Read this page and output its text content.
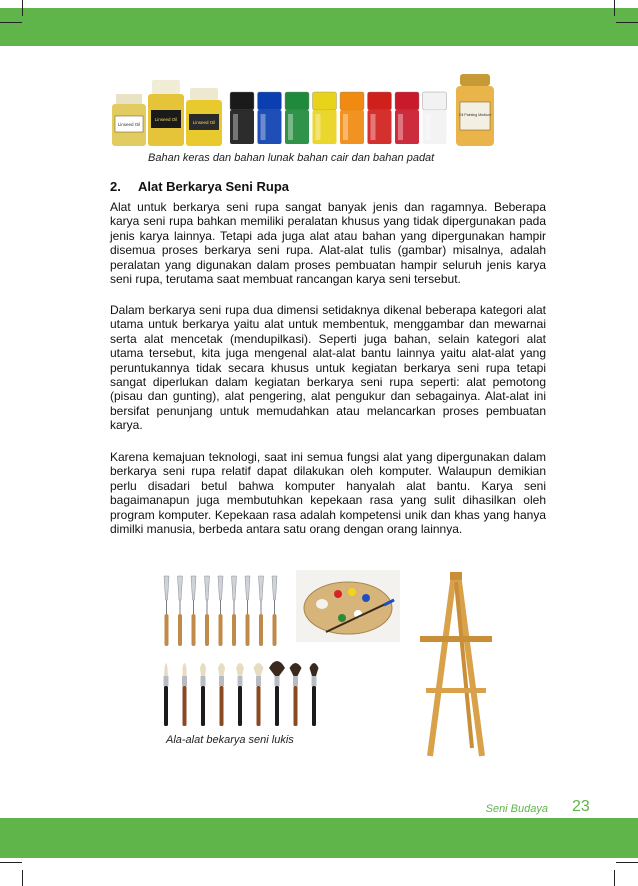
Linseed Oil
Linseed Oil
Linseed Oil
Oil Painting Medium
Bahan keras dan bahan lunak bahan cair dan bahan padat
2. Alat Berkarya Seni Rupa

Alat untuk berkarya seni rupa sangat banyak jenis dan ragamnya. Beberapa karya seni rupa bahkan memiliki peralatan khusus yang tidak dipergunakan pada jenis karya lainnya. Tetapi ada juga alat atau bahan yang dipergunakan hampir disemua proses berkarya seni rupa. Alat-alat tulis (gambar) misalnya, adalah peralatan yang digunakan dalam proses pembuatan hampir seluruh jenis karya seni rupa, terutama saat membuat rancangan karya seni tersebut.

Dalam berkarya seni rupa dua dimensi setidaknya dikenal beberapa kategori alat utama untuk berkarya yaitu alat untuk membentuk, menggambar dan mewarnai serta alat mencetak (mendupilkasi). Seperti juga bahan, selain kategori alat utama tersebut, kita juga mengenal alat-alat bantu lainnya yaitu alat-alat yang peruntukannya tidak secara khusus untuk kegiatan berkarya seni rupa tetapi sangat diperlukan dalam kegiatan berkarya seni rupa seperti: alat pemotong (pisau dan gunting), alat pengering, alat pengukur dan sebagainya. Alat-alat ini bersifat penunjang untuk memudahkan atau melancarkan proses pembuatan karya.

Karena kemajuan teknologi, saat ini semua fungsi alat yang dipergunakan dalam berkarya seni rupa relatif dapat dilakukan oleh komputer. Walaupun demikian perlu disadari betul bahwa komputer hanyalah alat bantu. Karya seni bagaimanapun juga membutuhkan kepekaan rasa yang sulit dihasilkan oleh program komputer. Kepekaan rasa adalah kompetensi unik dan khas yang hanya dimilki manusia, berbeda antara satu orang dengan orang lainnya.

Ala-alat bekarya seni lukis
Seni Budaya 23
